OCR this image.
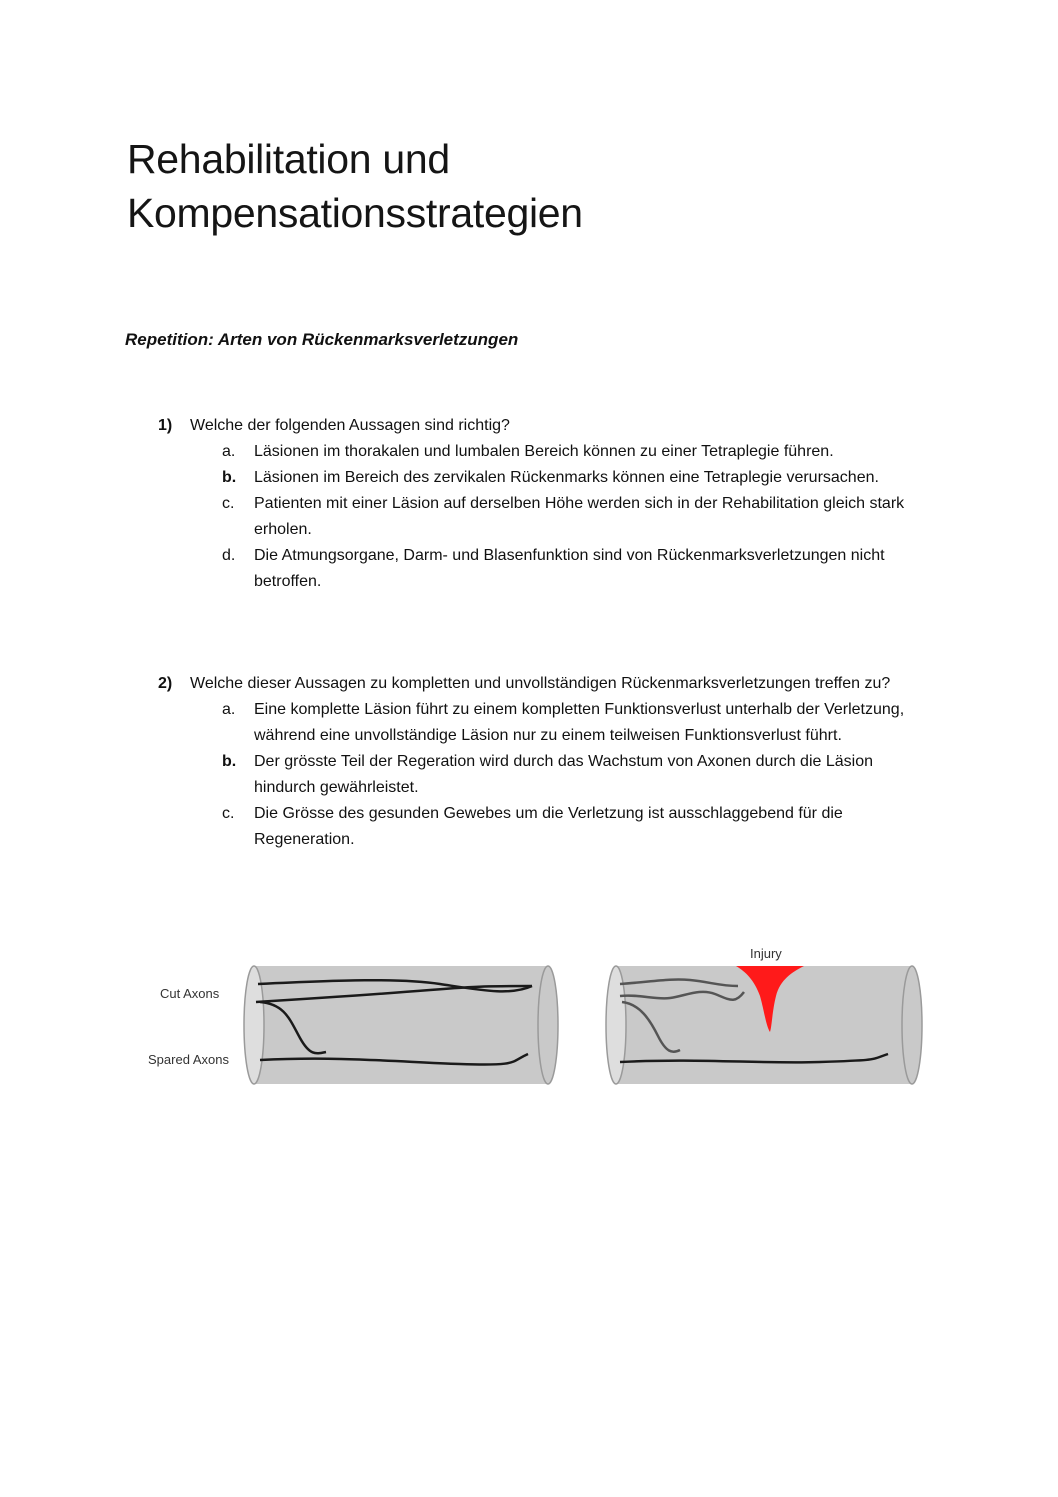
Rehabilitation und
Kompensationsstrategien
Repetition: Arten von Rückenmarksverletzungen
1)	Welche der folgenden Aussagen sind richtig?
a.	Läsionen im thorakalen und lumbalen Bereich können zu einer Tetraplegie führen.
b.	Läsionen im Bereich des zervikalen Rückenmarks können eine Tetraplegie verursachen.
c.	Patienten mit einer Läsion auf derselben Höhe werden sich in der Rehabilitation gleich stark erholen.
d.	Die Atmungsorgane, Darm- und Blasenfunktion sind von Rückenmarksverletzungen nicht betroffen.
2)	Welche dieser Aussagen zu kompletten und unvollständigen Rückenmarksverletzungen treffen zu?
a.	Eine komplette Läsion führt zu einem kompletten Funktionsverlust unterhalb der Verletzung, während eine unvollständige Läsion nur zu einem teilweisen Funktionsverlust führt.
b.	Der grösste Teil der Regeration wird durch das Wachstum von Axonen durch die Läsion hindurch gewährleistet.
c.	Die Grösse des gesunden Gewebes um die Verletzung ist ausschlaggebend für die Regeneration.
Cut Axons
Spared Axons
Injury
